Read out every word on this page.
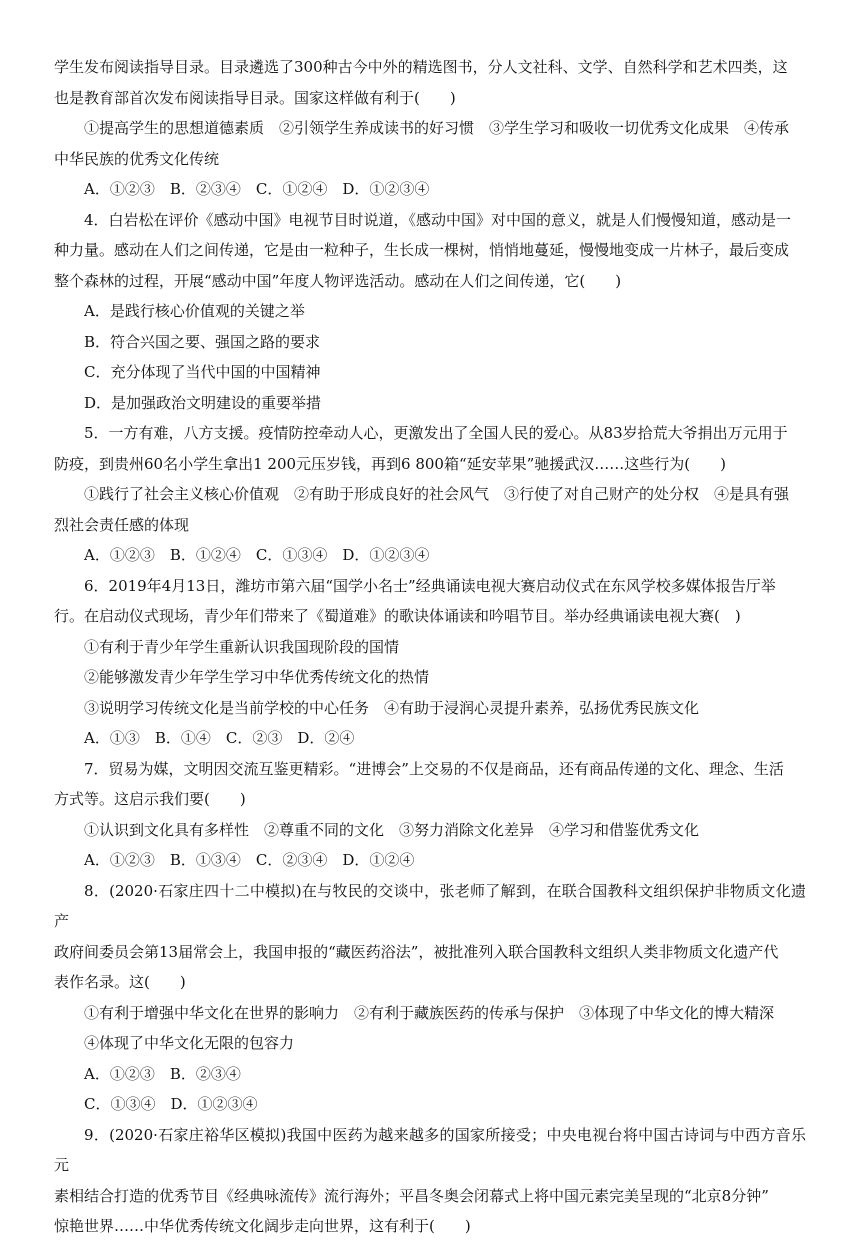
学生发布阅读指导目录。目录遴选了300种古今中外的精选图书，分人文社科、文学、自然科学和艺术四类，这

也是教育部首次发布阅读指导目录。国家这样做有利于(　　)

①提高学生的思想道德素质　②引领学生养成读书的好习惯　③学生学习和吸收一切优秀文化成果　④传承

中华民族的优秀文化传统

A．①②③　B．②③④　C．①②④　D．①②③④

4．白岩松在评价《感动中国》电视节目时说道，《感动中国》对中国的意义，就是人们慢慢知道，感动是一

种力量。感动在人们之间传递，它是由一粒种子，生长成一棵树，悄悄地蔓延，慢慢地变成一片林子，最后变成

整个森林的过程，开展“感动中国”年度人物评选活动。感动在人们之间传递，它(　　)

A．是践行核心价值观的关键之举

B．符合兴国之要、强国之路的要求

C．充分体现了当代中国的中国精神

D．是加强政治文明建设的重要举措

5．一方有难，八方支援。疫情防控牵动人心，更激发出了全国人民的爱心。从83岁拾荒大爷捐出万元用于

防疫，到贵州60名小学生拿出1 200元压岁钱，再到6 800箱“延安苹果”驰援武汉……这些行为(　　)

①践行了社会主义核心价值观　②有助于形成良好的社会风气　③行使了对自己财产的处分权　④是具有强

烈社会责任感的体现

A．①②③　B．①②④　C．①③④　D．①②③④

6．2019年4月13日，潍坊市第六届“国学小名士”经典诵读电视大赛启动仪式在东风学校多媒体报告厅举

行。在启动仪式现场，青少年们带来了《蜀道难》的歌诀体诵读和吟唱节目。举办经典诵读电视大赛(　)

①有利于青少年学生重新认识我国现阶段的国情

②能够激发青少年学生学习中华优秀传统文化的热情

③说明学习传统文化是当前学校的中心任务　④有助于浸润心灵提升素养，弘扬优秀民族文化

A．①③　B．①④　C．②③　D．②④

7．贸易为媒，文明因交流互鉴更精彩。“进博会”上交易的不仅是商品，还有商品传递的文化、理念、生活

方式等。这启示我们要(　　)

①认识到文化具有多样性　②尊重不同的文化　③努力消除文化差异　④学习和借鉴优秀文化

A．①②③　B．①③④　C．②③④　D．①②④

8．(2020·石家庄四十二中模拟)在与牧民的交谈中，张老师了解到，在联合国教科文组织保护非物质文化遗产

政府间委员会第13届常会上，我国申报的“藏医药浴法”，被批准列入联合国教科文组织人类非物质文化遗产代

表作名录。这(　　)

①有利于增强中华文化在世界的影响力　②有利于藏族医药的传承与保护　③体现了中华文化的博大精深

④体现了中华文化无限的包容力

A．①②③　B．②③④

C．①③④　D．①②③④

9．(2020·石家庄裕华区模拟)我国中医药为越来越多的国家所接受；中央电视台将中国古诗词与中西方音乐元

素相结合打造的优秀节目《经典咏流传》流行海外；平昌冬奥会闭幕式上将中国元素完美呈现的“北京8分钟”

惊艳世界……中华优秀传统文化阔步走向世界，这有利于(　　)
